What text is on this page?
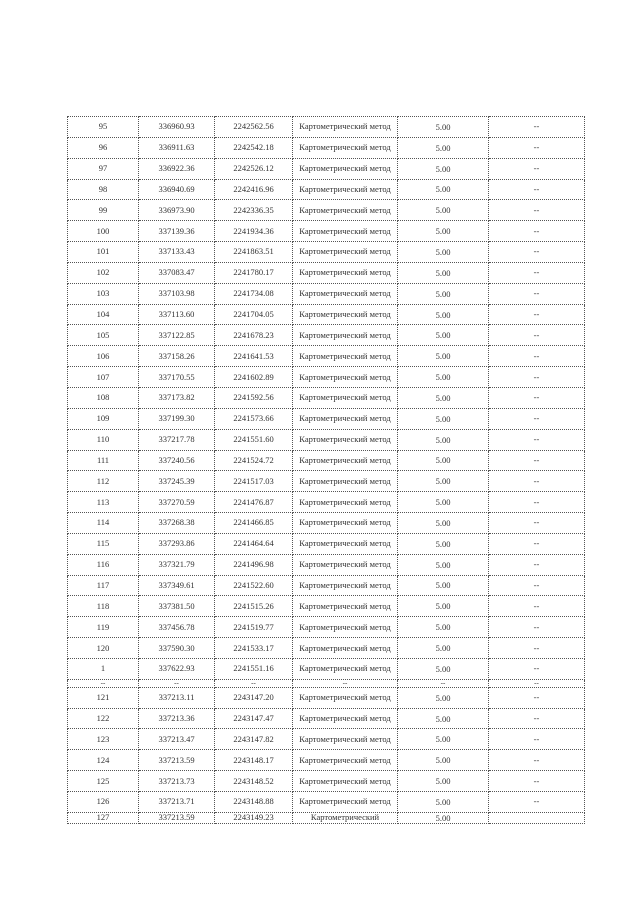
95	336960.93	2242562.56	Картометрический метод	5.00	--
96	336911.63	2242542.18	Картометрический метод	5.00	--
97	336922.36	2242526.12	Картометрический метод	5.00	--
98	336940.69	2242416.96	Картометрический метод	5.00	--
99	336973.90	2242336.35	Картометрический метод	5.00	--
100	337139.36	2241934.36	Картометрический метод	5.00	--
101	337133.43	2241863.51	Картометрический метод	5.00	--
102	337083.47	2241780.17	Картометрический метод	5.00	--
103	337103.98	2241734.08	Картометрический метод	5.00	--
104	337113.60	2241704.05	Картометрический метод	5.00	--
105	337122.85	2241678.23	Картометрический метод	5.00	--
106	337158.26	2241641.53	Картометрический метод	5.00	--
107	337170.55	2241602.89	Картометрический метод	5.00	--
108	337173.82	2241592.56	Картометрический метод	5.00	--
109	337199.30	2241573.66	Картометрический метод	5.00	--
110	337217.78	2241551.60	Картометрический метод	5.00	--
111	337240.56	2241524.72	Картометрический метод	5.00	--
112	337245.39	2241517.03	Картометрический метод	5.00	--
113	337270.59	2241476.87	Картометрический метод	5.00	--
114	337268.38	2241466.85	Картометрический метод	5.00	--
115	337293.86	2241464.64	Картометрический метод	5.00	--
116	337321.79	2241496.98	Картометрический метод	5.00	--
117	337349.61	2241522.60	Картометрический метод	5.00	--
118	337381.50	2241515.26	Картометрический метод	5.00	--
119	337456.78	2241519.77	Картометрический метод	5.00	--
120	337590.30	2241533.17	Картометрический метод	5.00	--
1	337622.93	2241551.16	Картометрический метод	5.00	--
--	--	--	--	--	--
121	337213.11	2243147.20	Картометрический метод	5.00	--
122	337213.36	2243147.47	Картометрический метод	5.00	--
123	337213.47	2243147.82	Картометрический метод	5.00	--
124	337213.59	2243148.17	Картометрический метод	5.00	--
125	337213.73	2243148.52	Картометрический метод	5.00	--
126	337213.71	2243148.88	Картометрический метод	5.00	--
127	337213.59	2243149.23	Картометрический	5.00	
